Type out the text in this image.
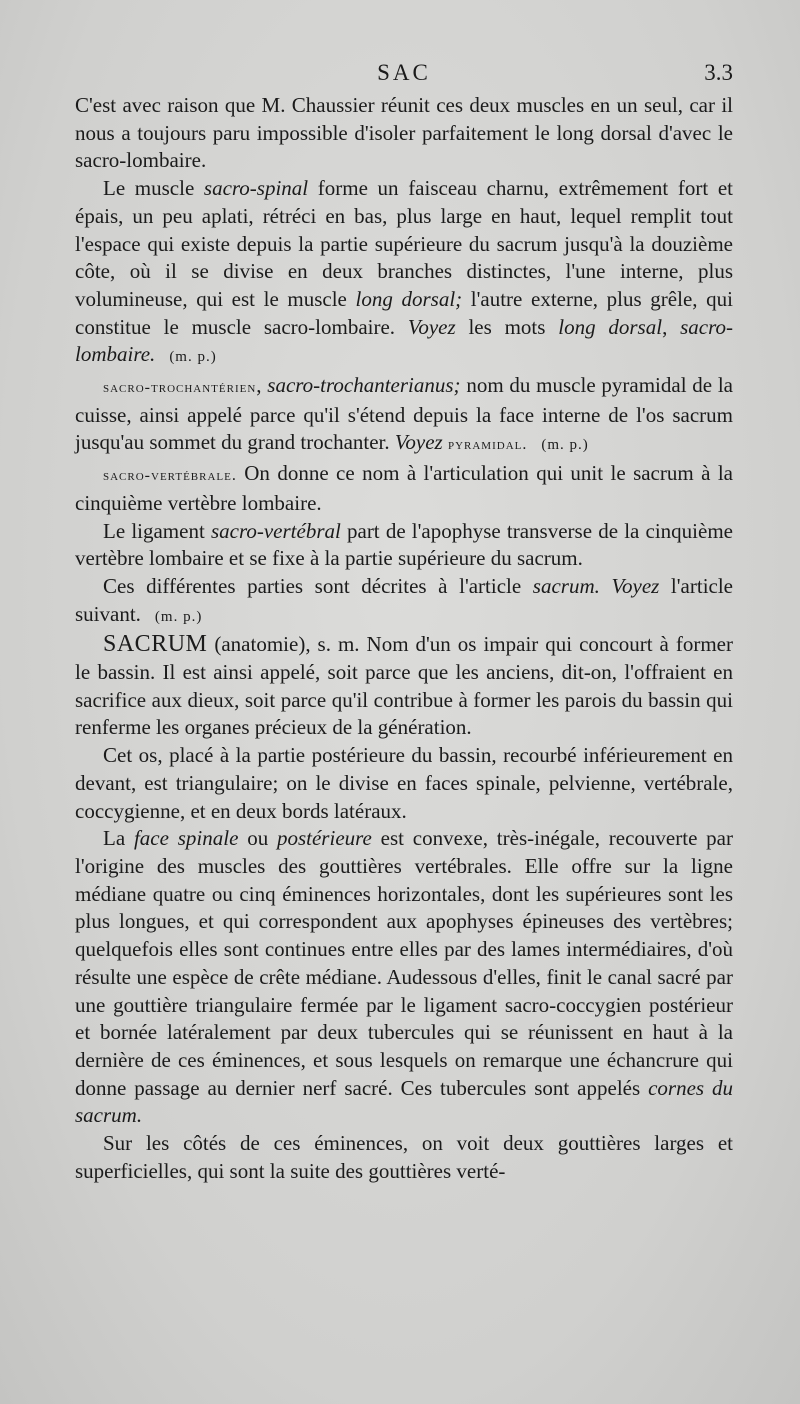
SAC	3.3

C'est avec raison que M. Chaussier réunit ces deux muscles en un seul, car il nous a toujours paru impossible d'isoler parfaitement le long dorsal d'avec le sacro-lombaire.

Le muscle sacro-spinal forme un faisceau charnu, extrêmement fort et épais, un peu aplati, rétréci en bas, plus large en haut, lequel remplit tout l'espace qui existe depuis la partie supérieure du sacrum jusqu'à la douzième côte, où il se divise en deux branches distinctes, l'une interne, plus volumineuse, qui est le muscle long dorsal; l'autre externe, plus grêle, qui constitue le muscle sacro-lombaire. Voyez les mots long dorsal, sacro-lombaire. (m. p.)

sacro-trochantérien, sacro-trochanterianus; nom du muscle pyramidal de la cuisse, ainsi appelé parce qu'il s'étend depuis la face interne de l'os sacrum jusqu'au sommet du grand trochanter. Voyez pyramidal. (m. p.)

sacro-vertébrale. On donne ce nom à l'articulation qui unit le sacrum à la cinquième vertèbre lombaire.

Le ligament sacro-vertébral part de l'apophyse transverse de la cinquième vertèbre lombaire et se fixe à la partie supérieure du sacrum.

Ces différentes parties sont décrites à l'article sacrum. Voyez l'article suivant. (m. p.)

SACRUM (anatomie), s. m. Nom d'un os impair qui concourt à former le bassin. Il est ainsi appelé, soit parce que les anciens, dit-on, l'offraient en sacrifice aux dieux, soit parce qu'il contribue à former les parois du bassin qui renferme les organes précieux de la génération.

Cet os, placé à la partie postérieure du bassin, recourbé inférieurement en devant, est triangulaire; on le divise en faces spinale, pelvienne, vertébrale, coccygienne, et en deux bords latéraux.

La face spinale ou postérieure est convexe, très-inégale, recouverte par l'origine des muscles des gouttières vertébrales. Elle offre sur la ligne médiane quatre ou cinq éminences horizontales, dont les supérieures sont les plus longues, et qui correspondent aux apophyses épineuses des vertèbres; quelquefois elles sont continues entre elles par des lames intermédiaires, d'où résulte une espèce de crête médiane. Audessous d'elles, finit le canal sacré par une gouttière triangulaire fermée par le ligament sacro-coccygien postérieur et bornée latéralement par deux tubercules qui se réunissent en haut à la dernière de ces éminences, et sous lesquels on remarque une échancrure qui donne passage au dernier nerf sacré. Ces tubercules sont appelés cornes du sacrum.

Sur les côtés de ces éminences, on voit deux gouttières larges et superficielles, qui sont la suite des gouttières verté-
